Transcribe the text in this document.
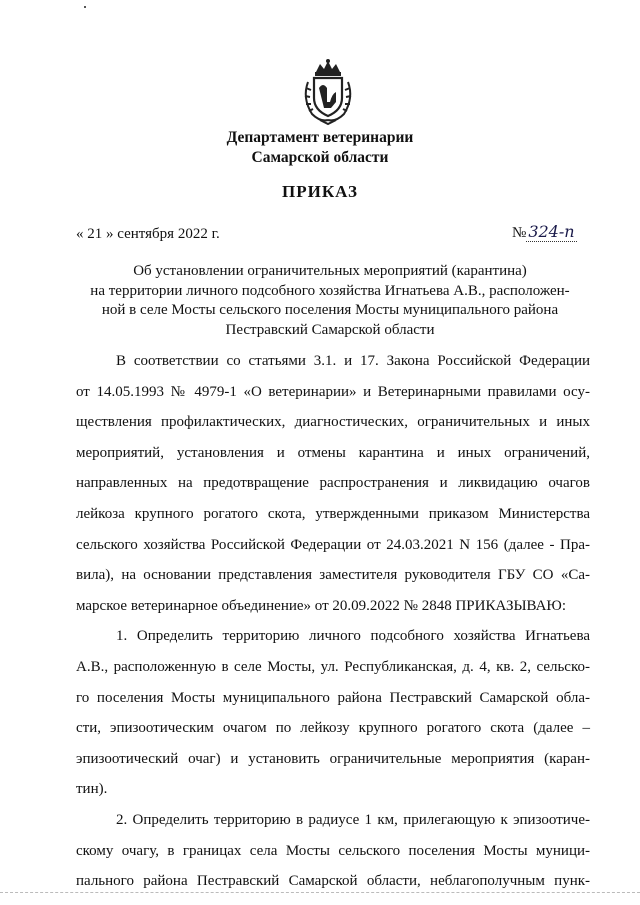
Департамент ветеринарии
Самарской области
ПРИКАЗ
« 21 » сентября 2022 г.	№ 324-п
Об установлении ограничительных мероприятий (карантина)
на территории личного подсобного хозяйства Игнатьева А.В., расположен-
ной в селе Мосты сельского поселения Мосты муниципального района
Пестравский Самарской области
В соответствии со статьями 3.1. и 17. Закона Российской Федерации
от 14.05.1993 № 4979-1 «О ветеринарии» и Ветеринарными правилами осу-
ществления профилактических, диагностических, ограничительных и иных
мероприятий, установления и отмены карантина и иных ограничений,
направленных на предотвращение распространения и ликвидацию очагов
лейкоза крупного рогатого скота, утвержденными приказом Министерства
сельского хозяйства Российской Федерации от 24.03.2021 N 156 (далее - Пра-
вила), на основании представления заместителя руководителя ГБУ СО «Са-
марское ветеринарное объединение» от 20.09.2022 № 2848 ПРИКАЗЫВАЮ:
1. Определить территорию личного подсобного хозяйства Игнатьева
А.В., расположенную в селе Мосты, ул. Республиканская, д. 4, кв. 2, сельско-
го поселения Мосты муниципального района Пестравский Самарской обла-
сти, эпизоотическим очагом по лейкозу крупного рогатого скота (далее –
эпизоотический очаг) и установить ограничительные мероприятия (каран-
тин).
2. Определить территорию в радиусе 1 км, прилегающую к эпизоотиче-
скому очагу, в границах села Мосты сельского поселения Мосты муници-
пального района Пестравский Самарской области, неблагополучным пунк-
